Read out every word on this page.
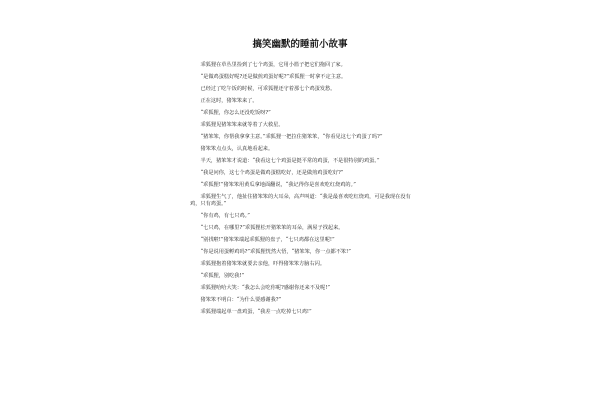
搞笑幽默的睡前小故事

乖狐狸在草丛里捡到了七个鸡蛋，它用小篮子把它们拖回了家。

“是做鸡蛋糕好呢?还是做煎鸡蛋好呢?”乖狐狸一时拿不定主意。

已经过了吃午饭的时候，可乖狐狸还守着那七个鸡蛋发愁。

正在这时，猪笨笨来了。

“乖狐狸，你怎么还没吃饭呀?”

乖狐狸见猪笨笨来就等着了大救星。

“猪笨笨，你帮我拿拿主意。”乖狐狸一把拉住猪笨笨，“你看见这七个鸡蛋了吗?”

猪笨笨点点头，认真地看起来。

半天，猪笨笨才说道：“我看这七个鸡蛋是挺平常的鸡蛋，不是很特别的鸡蛋。”

“我是问你，这七个鸡蛋是做鸡蛋糕吃好，还是做煎鸡蛋吃好?”

“乖狐狸!”猪笨笨用黄瓜拿地面翻说，“我记得你是喜欢吃红烧鸡的。”

乖狐狸生气了，他扯住猪笨笨的大耳朵，高声叫道：“我是最喜欢吃红烧鸡，可是我现在没有鸡，只有鸡蛋。”

“你有鸡，有七只鸡。”

“七只鸡，在哪里?”乖狐狸松开猪笨笨的耳朵，满屋子找起来。

“别找啦!”猪笨笨端起乖狐狸的盘子，“七只鸡都在这里呢!”

“你是说用蛋孵鸡吗?”乖狐狸恍然大悟，“猪笨笨，你一点都不笨!”

乖狐狸抱着猪笨笨就要去亲他，吓得猪笨笨方脑右闪。

“乖狐狸，别吃我!”

乖狐狸哈哈大笑：“我怎么会吃你呢?感谢你还来不及呢!”

猪笨笨不明白：“为什么要感谢我?”

乖狐狸端起单一盘鸡蛋，“我差一点吃掉七只鸡!”
